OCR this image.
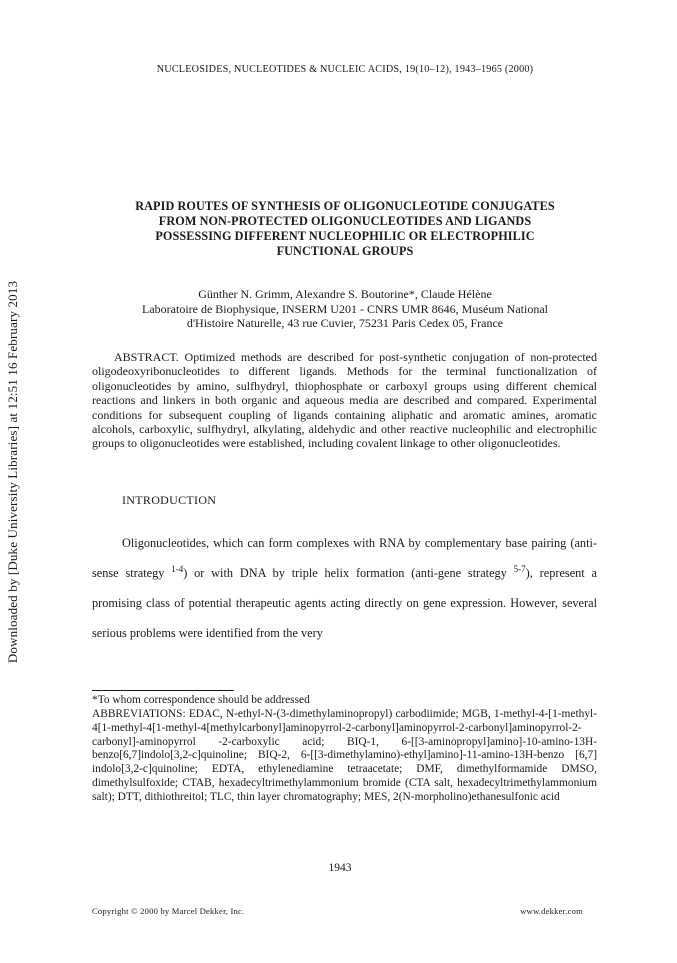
Downloaded by [Duke University Libraries] at 12:51 16 February 2013
NUCLEOSIDES, NUCLEOTIDES & NUCLEIC ACIDS, 19(10–12), 1943–1965 (2000)
RAPID ROUTES OF SYNTHESIS OF OLIGONUCLEOTIDE CONJUGATES
FROM NON-PROTECTED OLIGONUCLEOTIDES AND LIGANDS
POSSESSING DIFFERENT NUCLEOPHILIC OR ELECTROPHILIC
FUNCTIONAL GROUPS
Günther N. Grimm, Alexandre S. Boutorine*, Claude Hélène
Laboratoire de Biophysique, INSERM U201 - CNRS UMR 8646, Muséum National
d'Histoire Naturelle, 43 rue Cuvier, 75231 Paris Cedex 05, France
ABSTRACT. Optimized methods are described for post-synthetic conjugation of non-protected oligodeoxyribonucleotides to different ligands. Methods for the terminal functionalization of oligonucleotides by amino, sulfhydryl, thiophosphate or carboxyl groups using different chemical reactions and linkers in both organic and aqueous media are described and compared. Experimental conditions for subsequent coupling of ligands containing aliphatic and aromatic amines, aromatic alcohols, carboxylic, sulfhydryl, alkylating, aldehydic and other reactive nucleophilic and electrophilic groups to oligonucleotides were established, including covalent linkage to other oligonucleotides.
INTRODUCTION
Oligonucleotides, which can form complexes with RNA by complementary base pairing (anti-sense strategy $^{1-4}$) or with DNA by triple helix formation (anti-gene strategy $^{5-7}$), represent a promising class of potential therapeutic agents acting directly on gene expression. However, several serious problems were identified from the very
*To whom correspondence should be addressed
ABBREVIATIONS: EDAC, N-ethyl-N-(3-dimethylaminopropyl) carbodiimide; MGB, 1-methyl-4-[1-methyl-4[1-methyl-4[1-methyl-4[methylcarbonyl]aminopyrrol-2-carbonyl]aminopyrrol-2-carbonyl]aminopyrrol-2-carbonyl]-aminopyrrol -2-carboxylic acid; BIQ-1, 6-[[3-aminopropyl]amino]-10-amino-13H-benzo[6,7]indolo[3,2-c]quinoline; BIQ-2, 6-[[3-dimethylamino)-ethyl]amino]-11-amino-13H-benzo [6,7] indolo[3,2-c]quinoline; EDTA, ethylenediamine tetraacetate; DMF, dimethylformamide DMSO, dimethylsulfoxide; CTAB, hexadecyltrimethylammonium bromide (CTA salt, hexadecyltrimethylammonium salt); DTT, dithiothreitol; TLC, thin layer chromatography; MES, 2(N-morpholino)ethanesulfonic acid
1943
Copyright © 2000 by Marcel Dekker, Inc.	www.dekker.com
